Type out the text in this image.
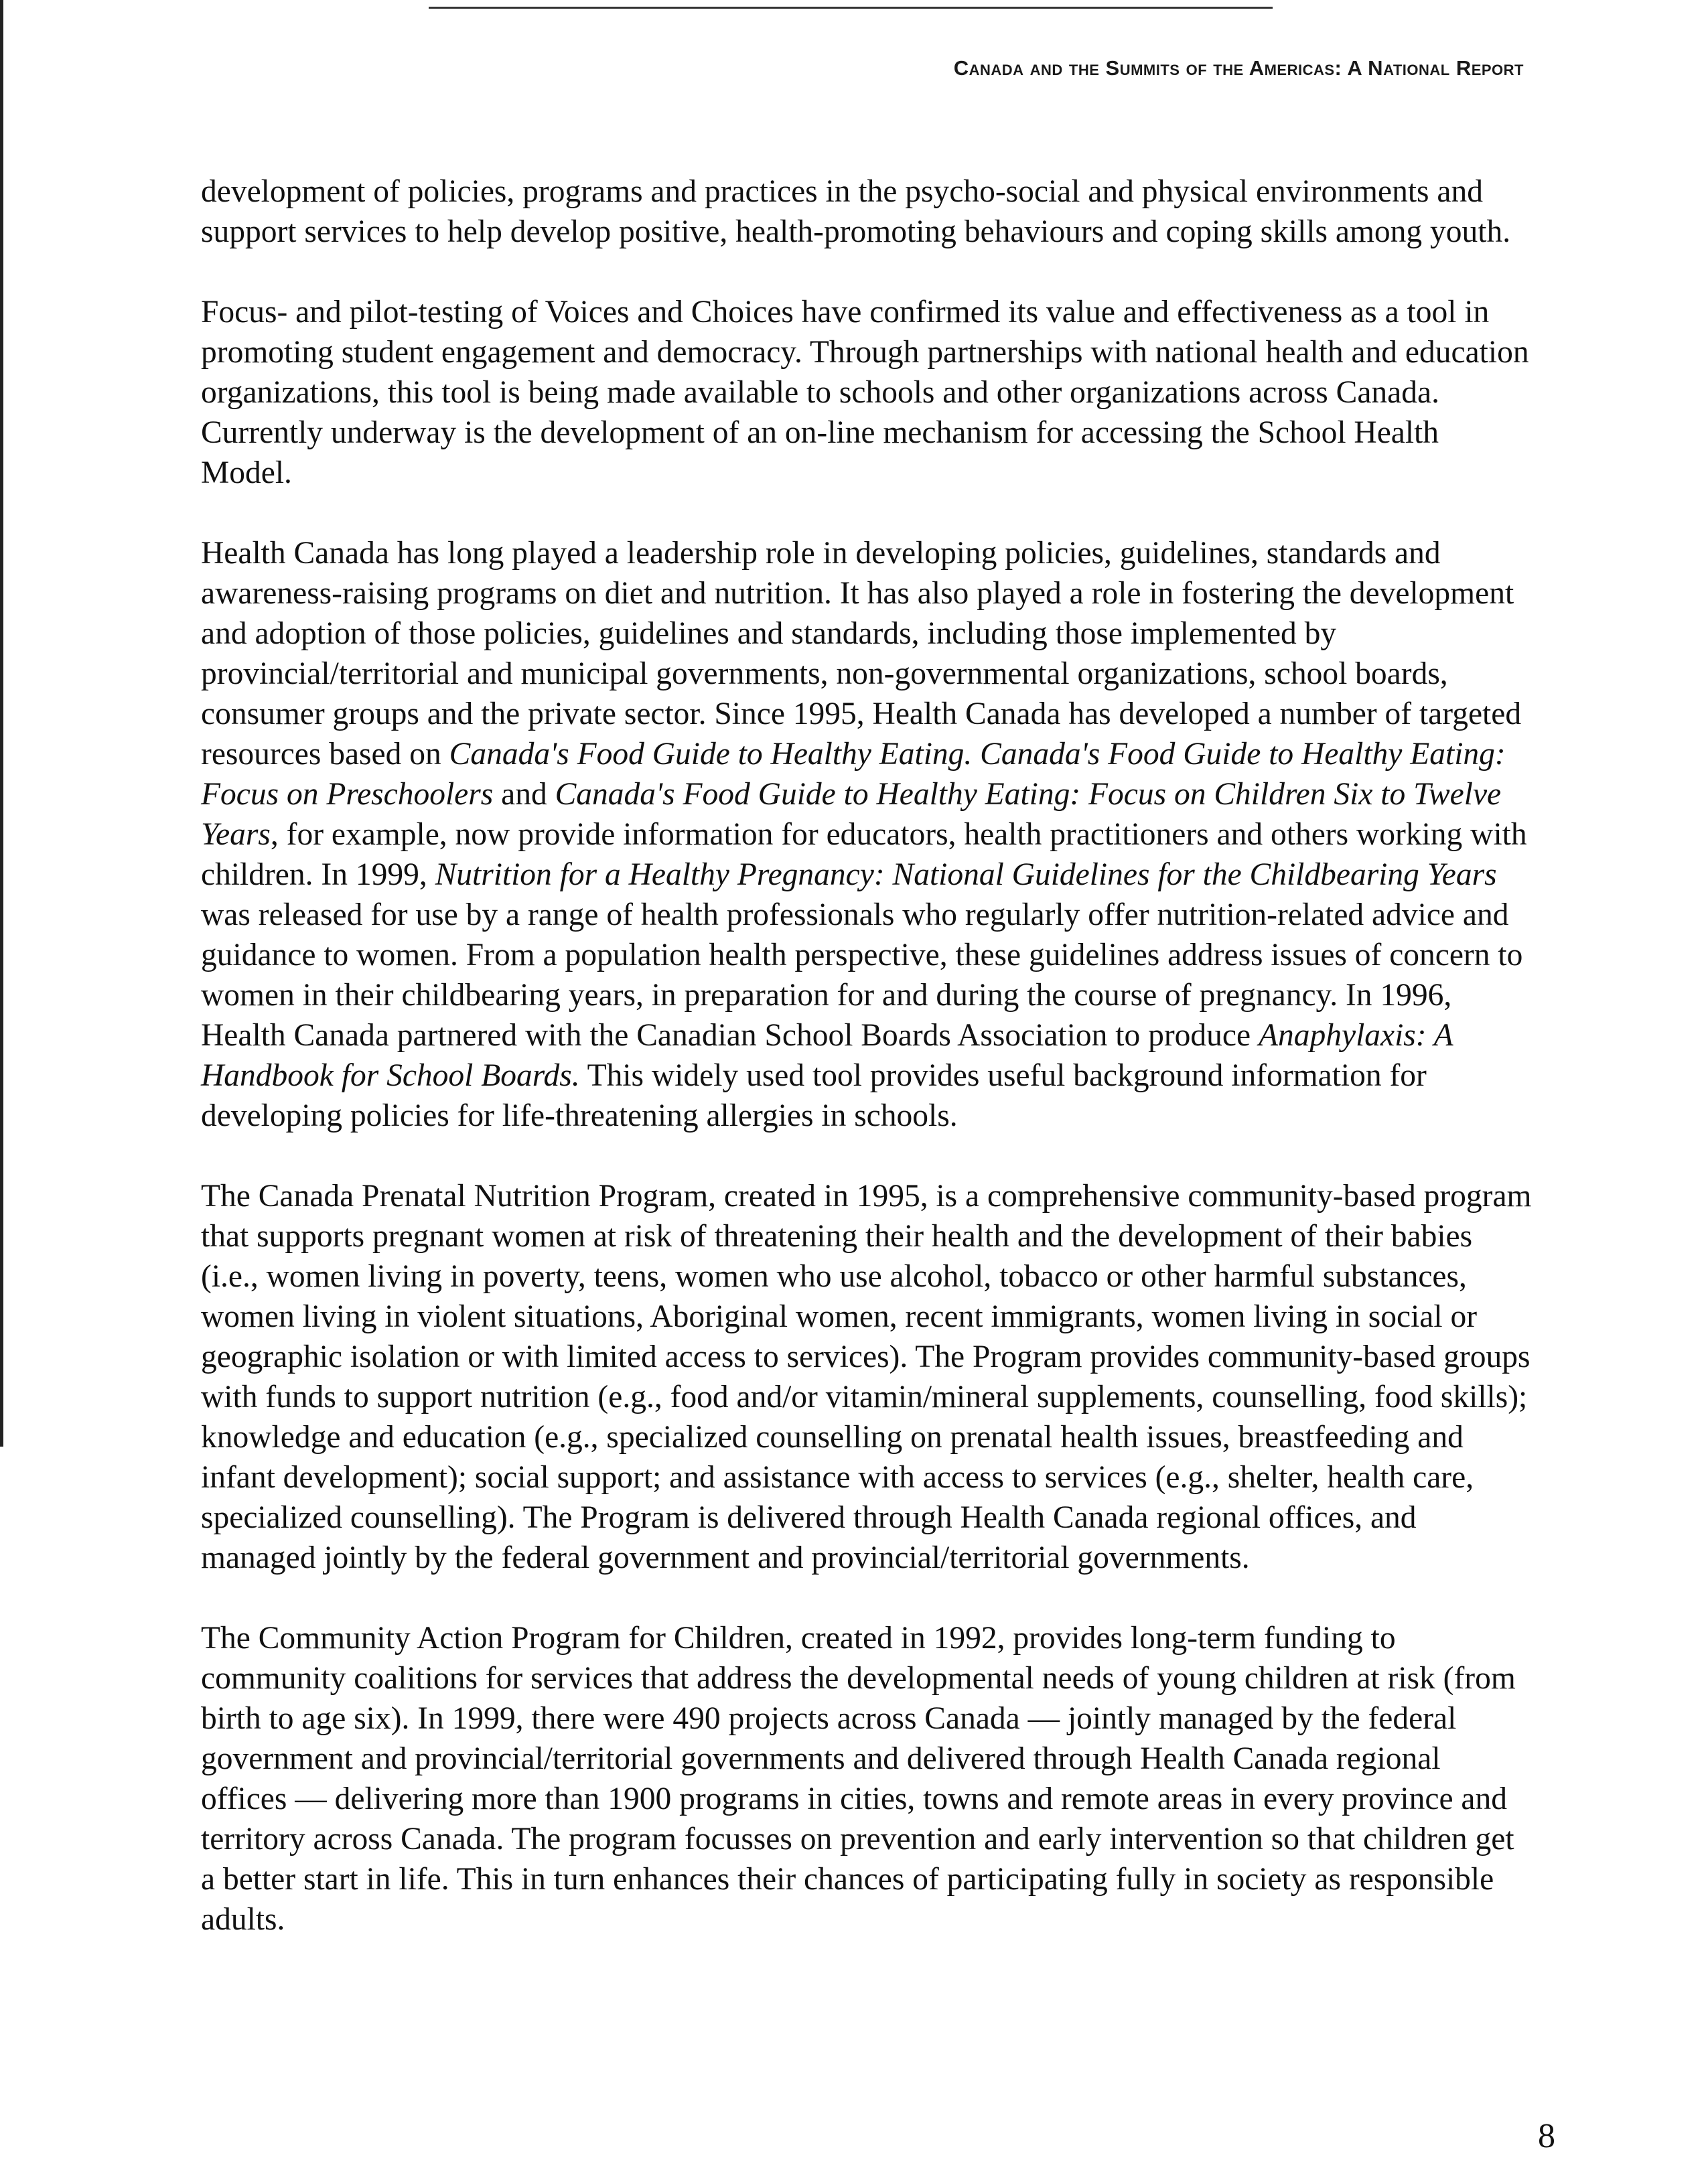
Canada and the Summits of the Americas: A National Report

development of policies, programs and practices in the psycho-social and physical environments and support services to help develop positive, health-promoting behaviours and coping skills among youth.

Focus- and pilot-testing of Voices and Choices have confirmed its value and effectiveness as a tool in promoting student engagement and democracy. Through partnerships with national health and education organizations, this tool is being made available to schools and other organizations across Canada. Currently underway is the development of an on-line mechanism for accessing the School Health Model.

Health Canada has long played a leadership role in developing policies, guidelines, standards and awareness-raising programs on diet and nutrition. It has also played a role in fostering the development and adoption of those policies, guidelines and standards, including those implemented by provincial/territorial and municipal governments, non-governmental organizations, school boards, consumer groups and the private sector. Since 1995, Health Canada has developed a number of targeted resources based on Canada's Food Guide to Healthy Eating. Canada's Food Guide to Healthy Eating: Focus on Preschoolers and Canada's Food Guide to Healthy Eating: Focus on Children Six to Twelve Years, for example, now provide information for educators, health practitioners and others working with children. In 1999, Nutrition for a Healthy Pregnancy: National Guidelines for the Childbearing Years was released for use by a range of health professionals who regularly offer nutrition-related advice and guidance to women. From a population health perspective, these guidelines address issues of concern to women in their childbearing years, in preparation for and during the course of pregnancy. In 1996, Health Canada partnered with the Canadian School Boards Association to produce Anaphylaxis: A Handbook for School Boards. This widely used tool provides useful background information for developing policies for life-threatening allergies in schools.

The Canada Prenatal Nutrition Program, created in 1995, is a comprehensive community-based program that supports pregnant women at risk of threatening their health and the development of their babies (i.e., women living in poverty, teens, women who use alcohol, tobacco or other harmful substances, women living in violent situations, Aboriginal women, recent immigrants, women living in social or geographic isolation or with limited access to services). The Program provides community-based groups with funds to support nutrition (e.g., food and/or vitamin/mineral supplements, counselling, food skills); knowledge and education (e.g., specialized counselling on prenatal health issues, breastfeeding and infant development); social support; and assistance with access to services (e.g., shelter, health care, specialized counselling). The Program is delivered through Health Canada regional offices, and managed jointly by the federal government and provincial/territorial governments.

The Community Action Program for Children, created in 1992, provides long-term funding to community coalitions for services that address the developmental needs of young children at risk (from birth to age six). In 1999, there were 490 projects across Canada — jointly managed by the federal government and provincial/territorial governments and delivered through Health Canada regional offices — delivering more than 1900 programs in cities, towns and remote areas in every province and territory across Canada. The program focusses on prevention and early intervention so that children get a better start in life. This in turn enhances their chances of participating fully in society as responsible adults.

8
